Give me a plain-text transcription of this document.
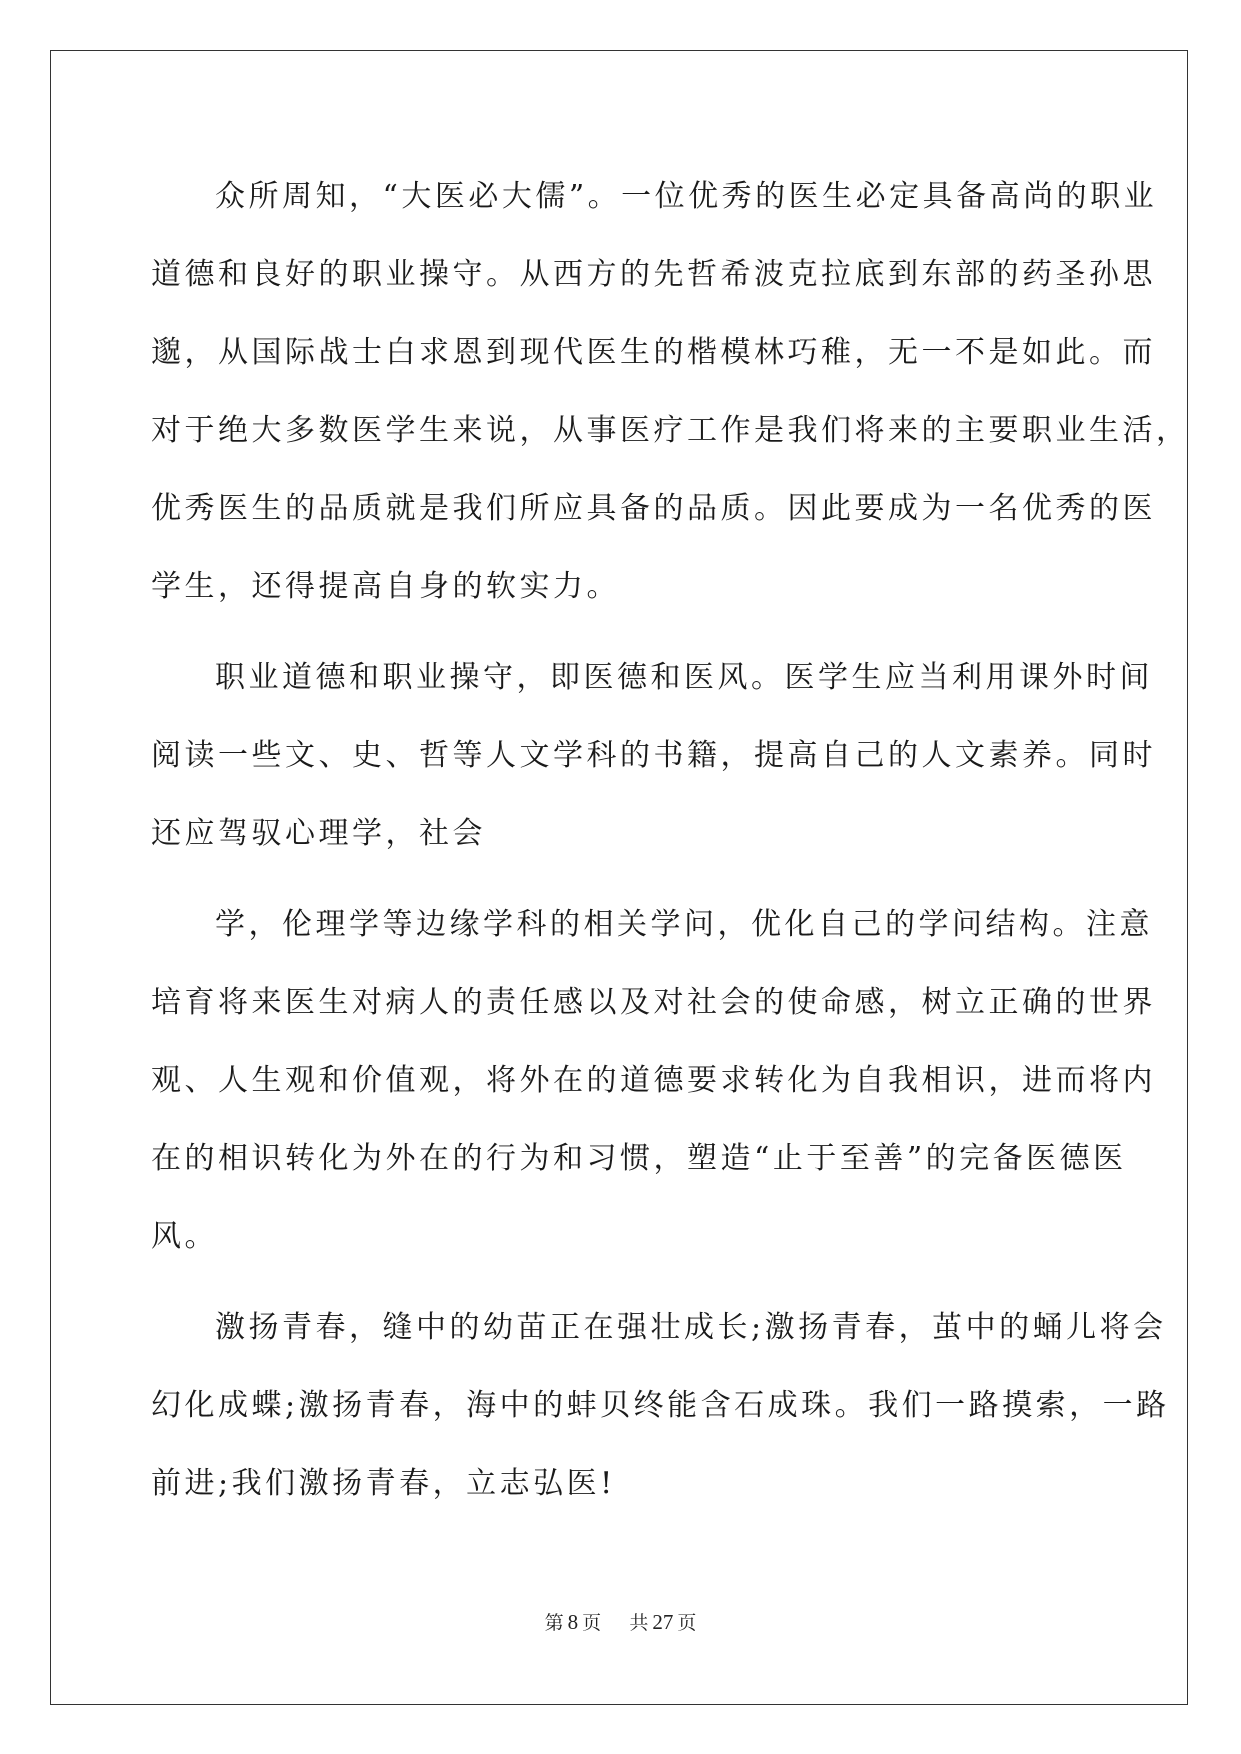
众所周知，“大医必大儒”。一位优秀的医生必定具备高尚的职业
道德和良好的职业操守。从西方的先哲希波克拉底到东部的药圣孙思
邈，从国际战士白求恩到现代医生的楷模林巧稚，无一不是如此。而
对于绝大多数医学生来说，从事医疗工作是我们将来的主要职业生活，
优秀医生的品质就是我们所应具备的品质。因此要成为一名优秀的医
学生，还得提高自身的软实力。
职业道德和职业操守，即医德和医风。医学生应当利用课外时间
阅读一些文、史、哲等人文学科的书籍，提高自己的人文素养。同时
还应驾驭心理学，社会
学，伦理学等边缘学科的相关学问，优化自己的学问结构。注意
培育将来医生对病人的责任感以及对社会的使命感，树立正确的世界
观、人生观和价值观，将外在的道德要求转化为自我相识，进而将内
在的相识转化为外在的行为和习惯，塑造“止于至善”的完备医德医
风。
激扬青春，缝中的幼苗正在强壮成长;激扬青春，茧中的蛹儿将会
幻化成蝶;激扬青春，海中的蚌贝终能含石成珠。我们一路摸索，一路
前进;我们激扬青春，立志弘医!
第 8 页 共 27 页
